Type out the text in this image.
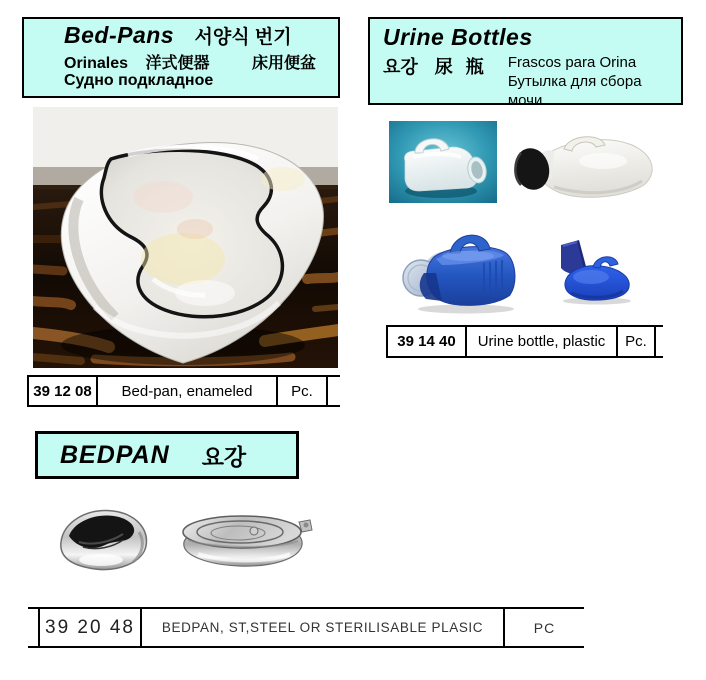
Bed-Pans 서양식 번기
Orinales 洋式便器	床用便盆
Судно подкладное
Urine Bottles
요강 尿 瓶 Frascos para Orina
Бутылка для сбора мочи
39 12 08	Bed-pan, enameled	Pc.
39 14 40	Urine bottle, plastic	Pc.
BEDPAN 요강
39 20 48	BEDPAN, ST,STEEL OR STERILISABLE PLASIC	PC
